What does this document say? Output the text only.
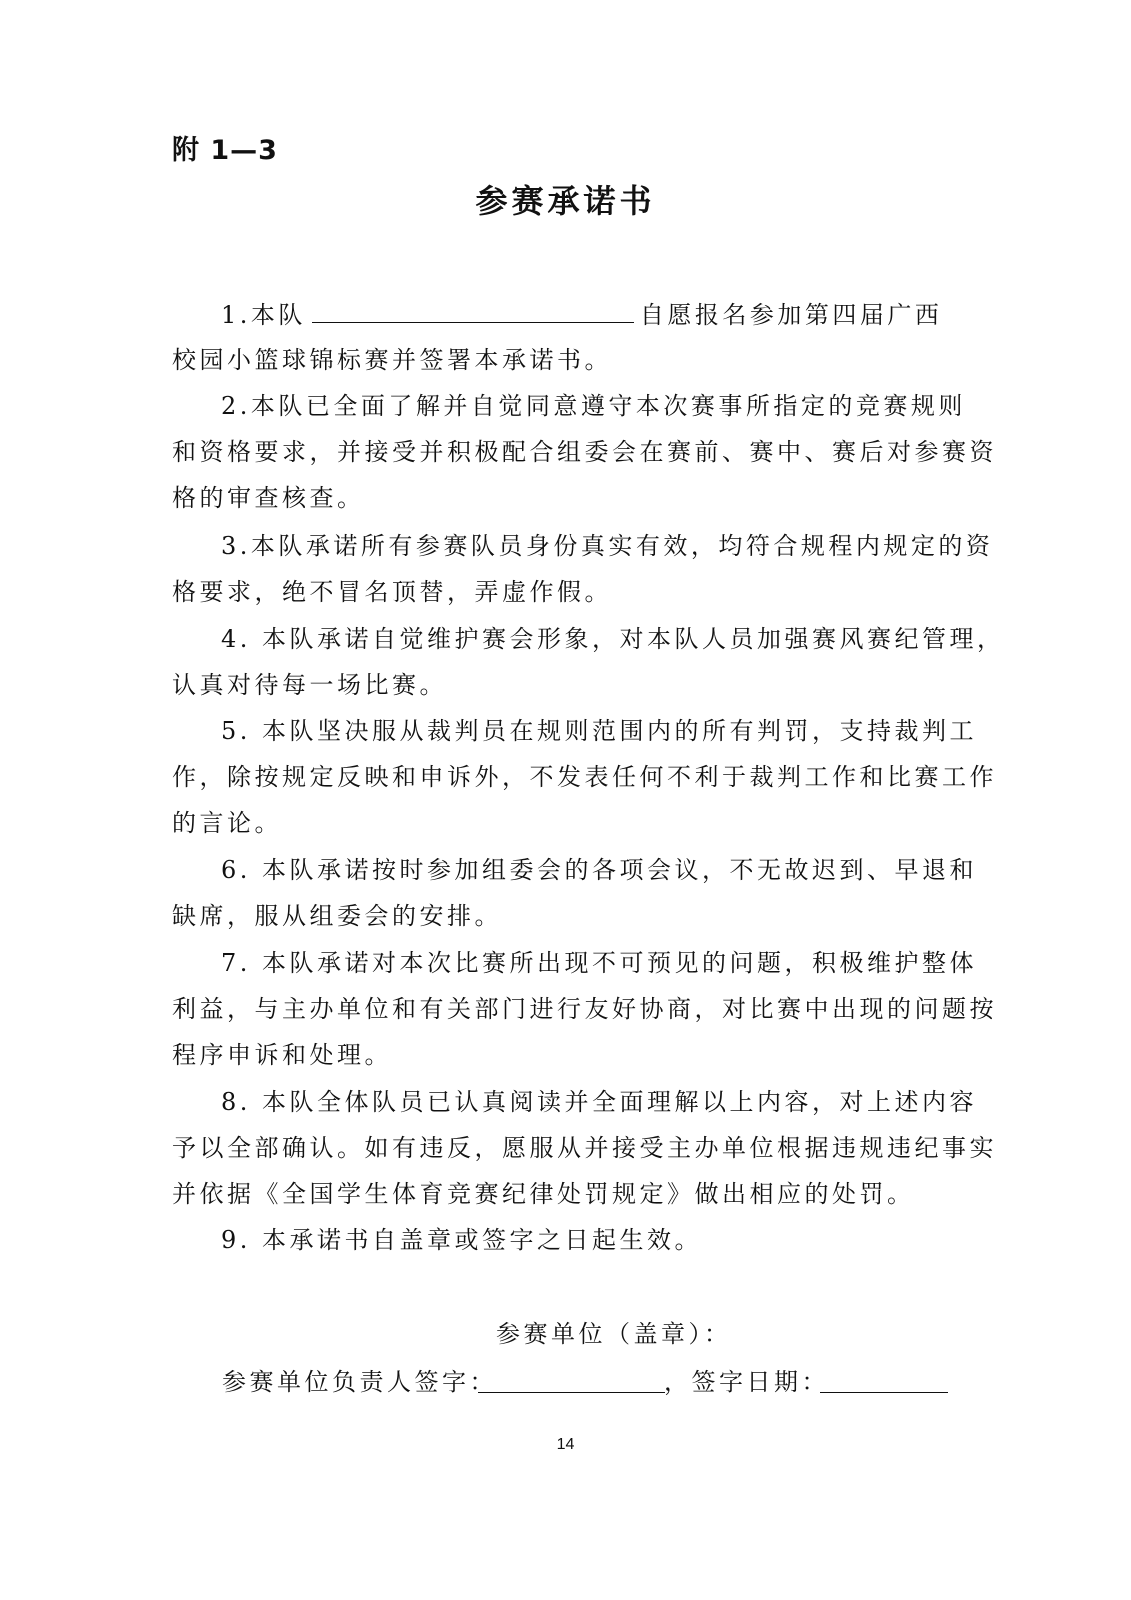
附 1—3
参赛承诺书
1.本队	自愿报名参加第四届广西
校园小篮球锦标赛并签署本承诺书。
2.本队已全面了解并自觉同意遵守本次赛事所指定的竞赛规则
和资格要求，并接受并积极配合组委会在赛前、赛中、赛后对参赛资
格的审查核查。
3.本队承诺所有参赛队员身份真实有效，均符合规程内规定的资
格要求，绝不冒名顶替，弄虚作假。
4. 本队承诺自觉维护赛会形象，对本队人员加强赛风赛纪管理，
认真对待每一场比赛。
5. 本队坚决服从裁判员在规则范围内的所有判罚，支持裁判工
作，除按规定反映和申诉外，不发表任何不利于裁判工作和比赛工作
的言论。
6. 本队承诺按时参加组委会的各项会议，不无故迟到、早退和
缺席，服从组委会的安排。
7. 本队承诺对本次比赛所出现不可预见的问题，积极维护整体
利益，与主办单位和有关部门进行友好协商，对比赛中出现的问题按
程序申诉和处理。
8. 本队全体队员已认真阅读并全面理解以上内容，对上述内容
予以全部确认。如有违反，愿服从并接受主办单位根据违规违纪事实
并依据《全国学生体育竞赛纪律处罚规定》做出相应的处罚。
9. 本承诺书自盖章或签字之日起生效。
参赛单位（盖章）：
参赛单位负责人签字：	，签字日期：
14
